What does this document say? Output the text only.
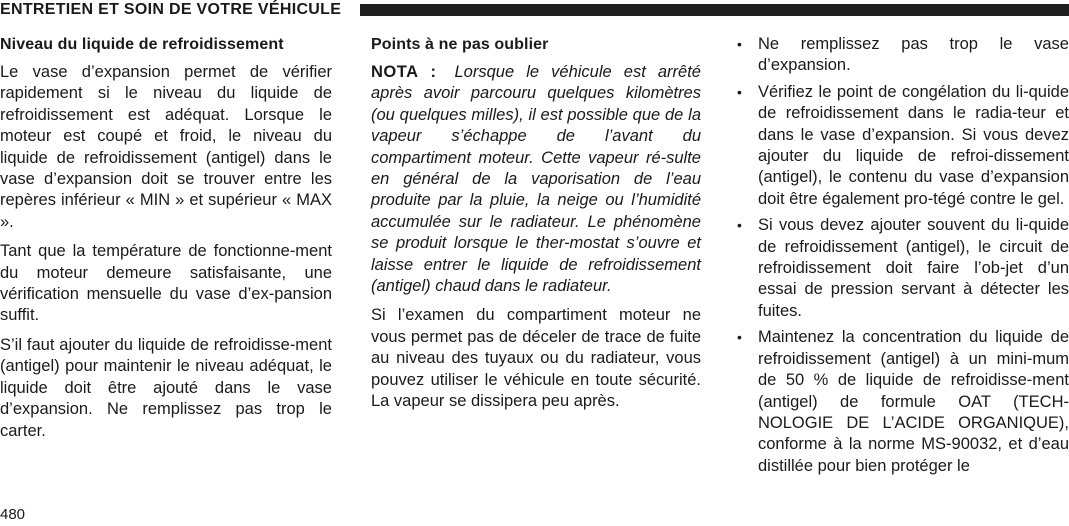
ENTRETIEN ET SOIN DE VOTRE VÉHICULE
Niveau du liquide de refroidissement

Le vase d’expansion permet de vérifier rapidement si le niveau du liquide de refroidissement est adéquat. Lorsque le moteur est coupé et froid, le niveau du liquide de refroidissement (antigel) dans le vase d’expansion doit se trouver entre les repères inférieur « MIN » et supérieur « MAX ».

Tant que la température de fonctionne-ment du moteur demeure satisfaisante, une vérification mensuelle du vase d’ex-pansion suffit.

S’il faut ajouter du liquide de refroidisse-ment (antigel) pour maintenir le niveau adéquat, le liquide doit être ajouté dans le vase d’expansion. Ne remplissez pas trop le carter.

Points à ne pas oublier

NOTA : Lorsque le véhicule est arrêté après avoir parcouru quelques kilomètres (ou quelques milles), il est possible que de la vapeur s’échappe de l’avant du compartiment moteur. Cette vapeur ré-sulte en général de la vaporisation de l’eau produite par la pluie, la neige ou l’humidité accumulée sur le radiateur. Le phénomène se produit lorsque le ther-mostat s’ouvre et laisse entrer le liquide de refroidissement (antigel) chaud dans le radiateur.

Si l’examen du compartiment moteur ne vous permet pas de déceler de trace de fuite au niveau des tuyaux ou du radiateur, vous pouvez utiliser le véhicule en toute sécurité. La vapeur se dissipera peu après.

• Ne remplissez pas trop le vase d’expansion.
• Vérifiez le point de congélation du li-quide de refroidissement dans le radia-teur et dans le vase d’expansion. Si vous devez ajouter du liquide de refroi-dissement (antigel), le contenu du vase d’expansion doit être également pro-tégé contre le gel.
• Si vous devez ajouter souvent du li-quide de refroidissement (antigel), le circuit de refroidissement doit faire l’ob-jet d’un essai de pression servant à détecter les fuites.
• Maintenez la concentration du liquide de refroidissement (antigel) à un mini-mum de 50 % de liquide de refroidisse-ment (antigel) de formule OAT (TECH-NOLOGIE DE L’ACIDE ORGANIQUE), conforme à la norme MS-90032, et d’eau distillée pour bien protéger le
480
